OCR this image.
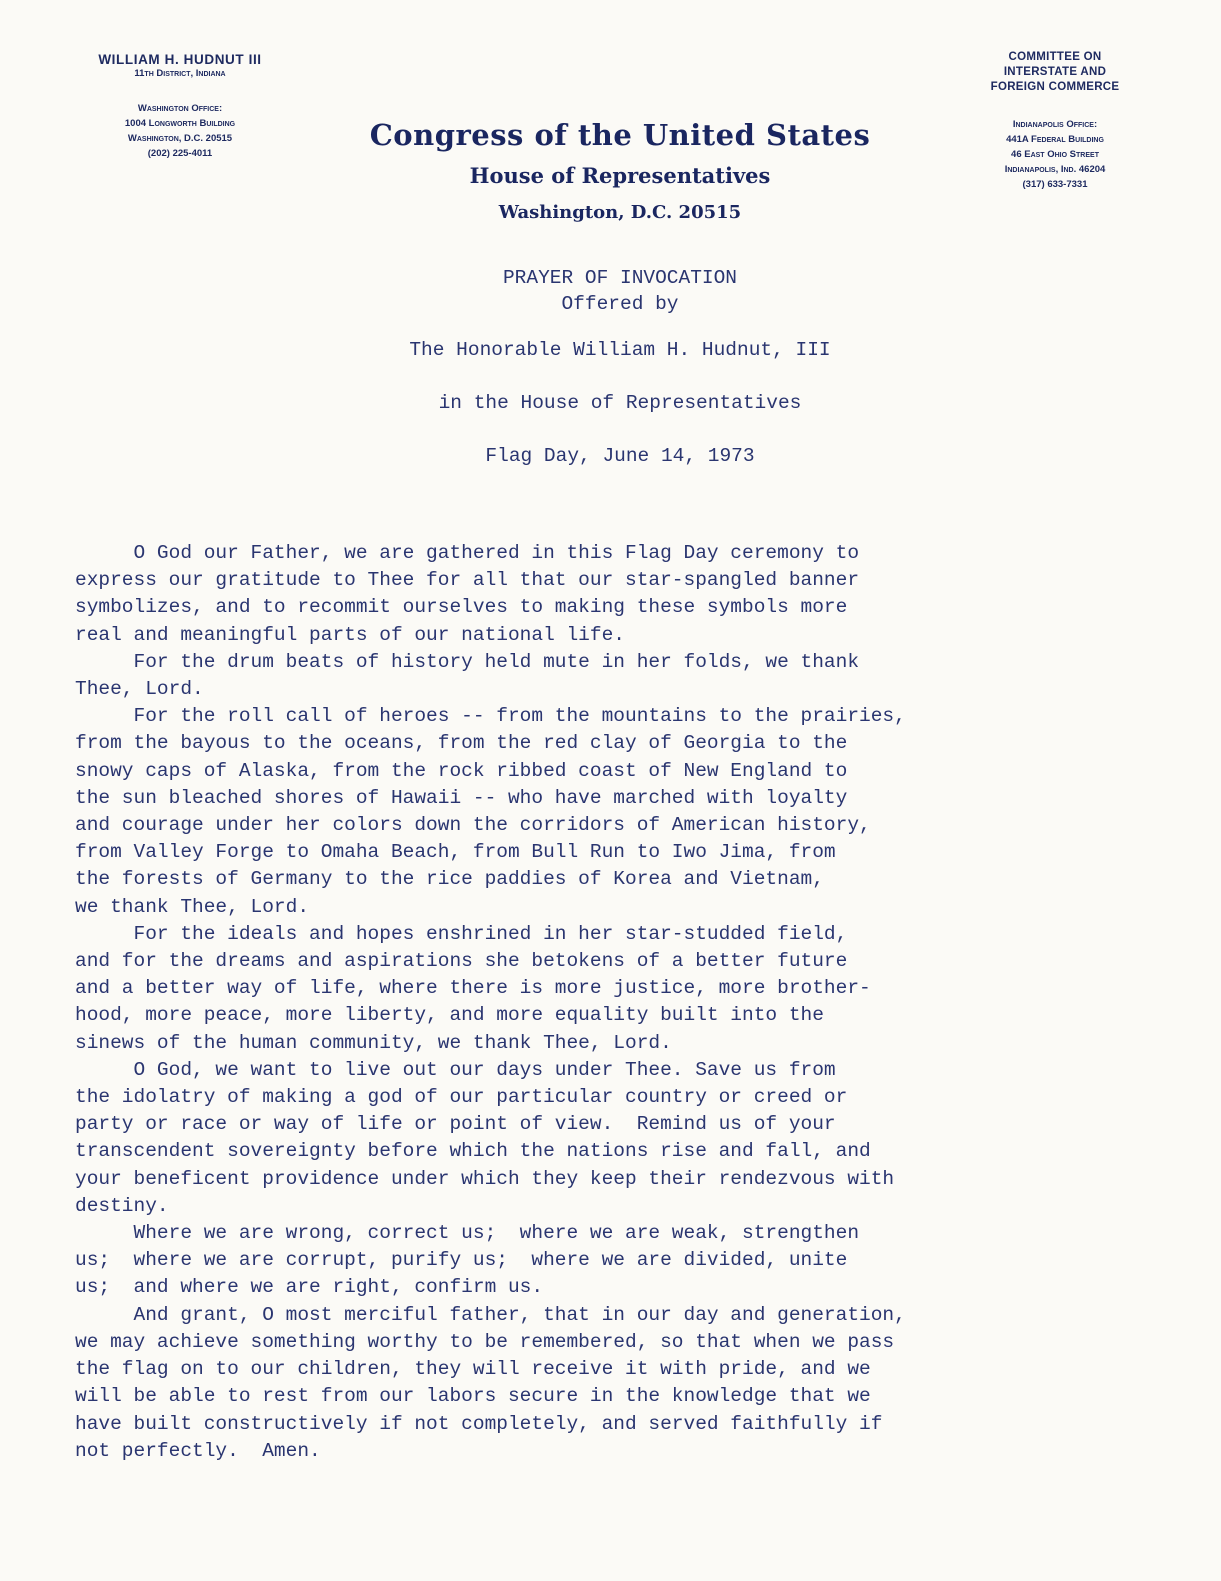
WILLIAM H. HUDNUT III
11th District, Indiana
Washington Office:
1004 Longworth Building
Washington, D.C. 20515
(202) 225-4011
Congress of the United States
House of Representatives
Washington, D.C. 20515
COMMITTEE ON
INTERSTATE AND
FOREIGN COMMERCE
Indianapolis Office:
441A Federal Building
46 East Ohio Street
Indianapolis, Ind. 46204
(317) 633-7331
PRAYER OF INVOCATION
Offered by
The Honorable William H. Hudnut, III
in the House of Representatives
Flag Day, June 14, 1973

O God our Father, we are gathered in this Flag Day ceremony to

express our gratitude to Thee for all that our star-spangled banner

symbolizes, and to recommit ourselves to making these symbols more

real and meaningful parts of our national life.

For the drum beats of history held mute in her folds, we thank

Thee, Lord.

For the roll call of heroes -- from the mountains to the prairies,

from the bayous to the oceans, from the red clay of Georgia to the

snowy caps of Alaska, from the rock ribbed coast of New England to

the sun bleached shores of Hawaii -- who have marched with loyalty

and courage under her colors down the corridors of American history,

from Valley Forge to Omaha Beach, from Bull Run to Iwo Jima, from

the forests of Germany to the rice paddies of Korea and Vietnam,

we thank Thee, Lord.

For the ideals and hopes enshrined in her star-studded field,

and for the dreams and aspirations she betokens of a better future

and a better way of life, where there is more justice, more brother-

hood, more peace, more liberty, and more equality built into the

sinews of the human community, we thank Thee, Lord.

O God, we want to live out our days under Thee. Save us from

the idolatry of making a god of our particular country or creed or

party or race or way of life or point of view.  Remind us of your

transcendent sovereignty before which the nations rise and fall, and

your beneficent providence under which they keep their rendezvous with

destiny.

Where we are wrong, correct us;  where we are weak, strengthen

us;  where we are corrupt, purify us;  where we are divided, unite

us;  and where we are right, confirm us.

And grant, O most merciful father, that in our day and generation,

we may achieve something worthy to be remembered, so that when we pass

the flag on to our children, they will receive it with pride, and we

will be able to rest from our labors secure in the knowledge that we

have built constructively if not completely, and served faithfully if

not perfectly.  Amen.
